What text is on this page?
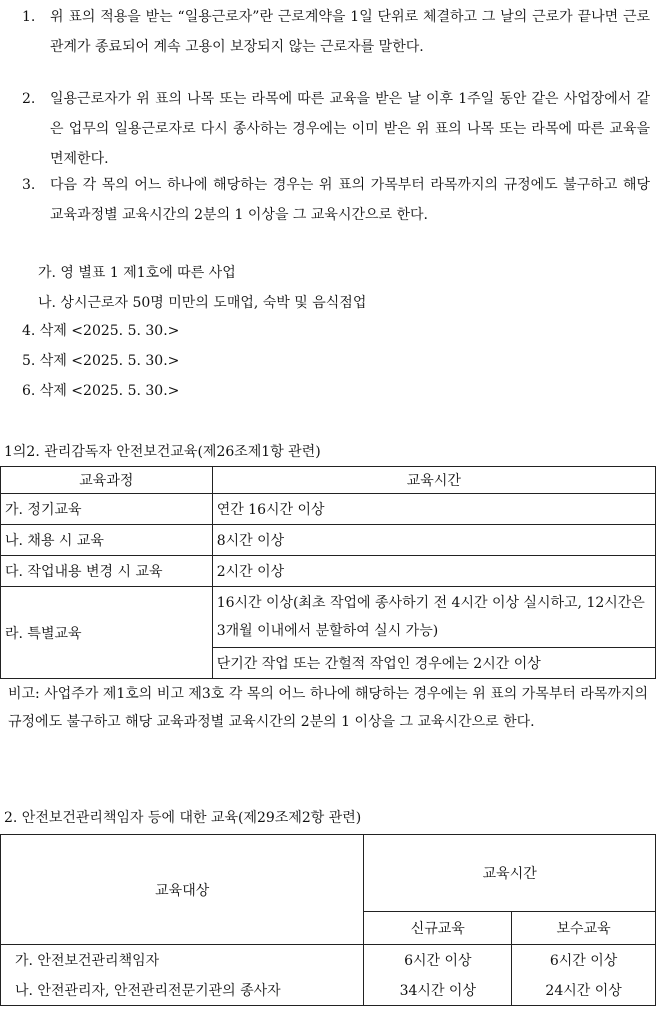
1.	위 표의 적용을 받는 “일용근로자”란 근로계약을 1일 단위로 체결하고 그 날의 근로가 끝나면 근로관계가 종료되어 계속 고용이 보장되지 않는 근로자를 말한다.
2.	일용근로자가 위 표의 나목 또는 라목에 따른 교육을 받은 날 이후 1주일 동안 같은 사업장에서 같은 업무의 일용근로자로 다시 종사하는 경우에는 이미 받은 위 표의 나목 또는 라목에 따른 교육을 면제한다.
3.	다음 각 목의 어느 하나에 해당하는 경우는 위 표의 가목부터 라목까지의 규정에도 불구하고 해당 교육과정별 교육시간의 2분의 1 이상을 그 교육시간으로 한다.
가. 영 별표 1 제1호에 따른 사업
나. 상시근로자 50명 미만의 도매업, 숙박 및 음식점업
4. 삭제 <2025. 5. 30.>
5. 삭제 <2025. 5. 30.>
6. 삭제 <2025. 5. 30.>
1의2. 관리감독자 안전보건교육(제26조제1항 관련)
교육과정	교육시간
가. 정기교육	연간 16시간 이상
나. 채용 시 교육	8시간 이상
다. 작업내용 변경 시 교육	2시간 이상
라. 특별교육	16시간 이상(최초 작업에 종사하기 전 4시간 이상 실시하고, 12시간은 3개월 이내에서 분할하여 실시 가능)
	단기간 작업 또는 간헐적 작업인 경우에는 2시간 이상
비고: 사업주가 제1호의 비고 제3호 각 목의 어느 하나에 해당하는 경우에는 위 표의 가목부터 라목까지의 규정에도 불구하고 해당 교육과정별 교육시간의 2분의 1 이상을 그 교육시간으로 한다.
2. 안전보건관리책임자 등에 대한 교육(제29조제2항 관련)
교육대상	교육시간	
	신규교육	보수교육
가. 안전보건관리책임자	6시간 이상	6시간 이상
나. 안전관리자, 안전관리전문기관의 종사자	34시간 이상	24시간 이상
